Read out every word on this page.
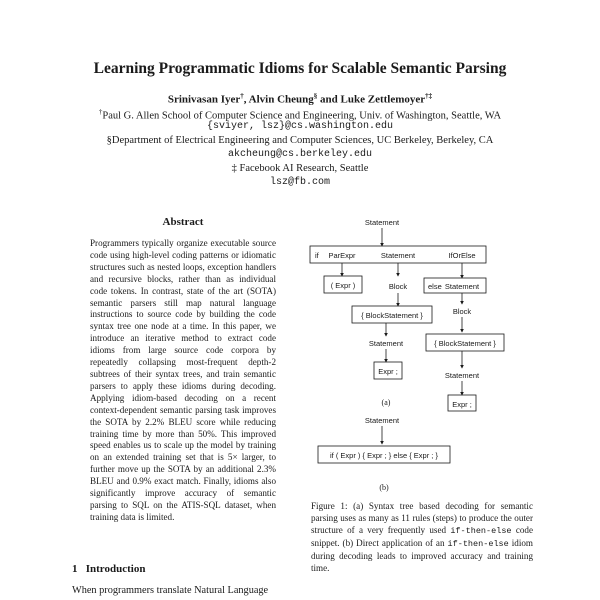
Learning Programmatic Idioms for Scalable Semantic Parsing
Srinivasan Iyer†, Alvin Cheung§ and Luke Zettlemoyer†‡
†Paul G. Allen School of Computer Science and Engineering, Univ. of Washington, Seattle, WA
{sviyer, lsz}@cs.washington.edu
§Department of Electrical Engineering and Computer Sciences, UC Berkeley, Berkeley, CA
akcheung@cs.berkeley.edu
‡ Facebook AI Research, Seattle
lsz@fb.com
Abstract
Programmers typically organize executable source code using high-level coding patterns or idiomatic structures such as nested loops, exception handlers and recursive blocks, rather than as individual code tokens. In contrast, state of the art (SOTA) semantic parsers still map natural language instructions to source code by building the code syntax tree one node at a time. In this paper, we introduce an iterative method to extract code idioms from large source code corpora by repeatedly collapsing most-frequent depth-2 subtrees of their syntax trees, and train semantic parsers to apply these idioms during decoding. Applying idiom-based decoding on a recent context-dependent semantic parsing task improves the SOTA by 2.2% BLEU score while reducing training time by more than 50%. This improved speed enables us to scale up the model by training on an extended training set that is 5× larger, to further move up the SOTA by an additional 2.3% BLEU and 0.9% exact match. Finally, idioms also significantly improve accuracy of semantic parsing to SQL on the ATIS-SQL dataset, when training data is limited.
1 Introduction
When programmers translate Natural Language
Statement
if ParExpr	Statement	IfOrElse
( Expr )	Block	else Statement
{ BlockStatement }	Block
Statement	{ BlockStatement }
Expr ;	Statement
Expr ;
(a)
Statement
if ( Expr ) { Expr ; } else { Expr ; }
(b)
Figure 1: (a) Syntax tree based decoding for semantic parsing uses as many as 11 rules (steps) to produce the outer structure of a very frequently used if-then-else code snippet. (b) Direct application of an if-then-else idiom during decoding leads to improved accuracy and training time.
